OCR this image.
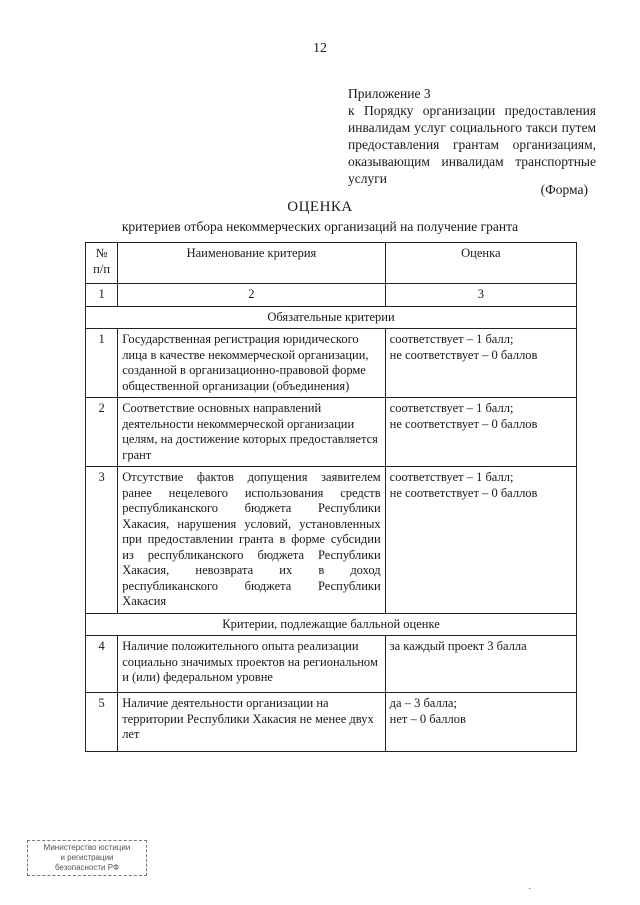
12

Приложение 3

к Порядку организации предоставления инвалидам услуг социального такси путем предоставления грантам организациям, оказывающим инвалидам транспортные услуги

(Форма)
ОЦЕНКА
критериев отбора некоммерческих организаций на получение гранта
№ п/п	Наименование критерия	Оценка
1	2	3
Обязательные критерии		
1	Государственная регистрация юридического лица в качестве некоммерческой организации, созданной в организационно-правовой форме общественной организации (объединения)	соответствует – 1 балл;
не соответствует – 0 баллов

2	Соответствие основных направлений деятельности некоммерческой организации целям, на достижение которых предоставляется грант	соответствует – 1 балл;
не соответствует – 0 баллов

3	Отсутствие фактов допущения заявителем ранее нецелевого использования средств республиканского бюджета Республики Хакасия, нарушения условий, установленных при предоставлении гранта в форме субсидии из республиканского бюджета Республики Хакасия, невозврата их в доход республиканского бюджета Республики Хакасия	соответствует – 1 балл;
не соответствует – 0 баллов

Критерии, подлежащие балльной оценке		
4	Наличие положительного опыта реализации социально значимых проектов на региональном и (или) федеральном уровне	за каждый проект 3 балла

5	Наличие деятельности организации на территории Республики Хакасия не менее двух лет	да – 3 балла;
нет – 0 баллов
Министерство юстиции
и регистрации
безопасности РФ
·
